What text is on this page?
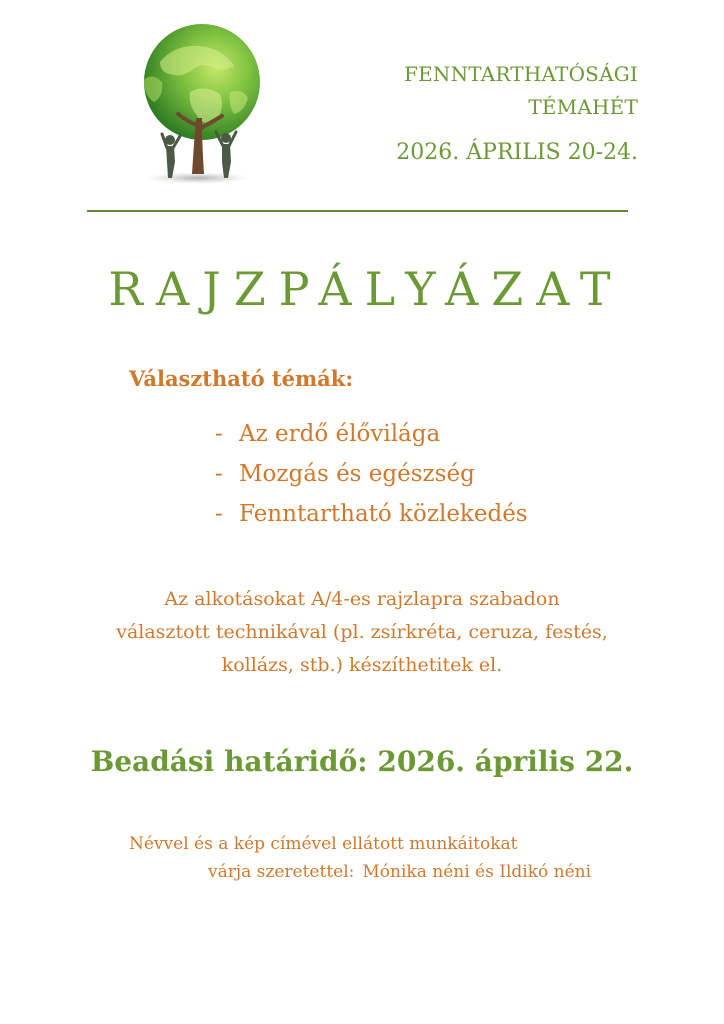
FENNTARTHATÓSÁGI
TÉMAHÉT
2026. ÁPRILIS 20-24.
RAJZPÁLYÁZAT
Választható témák:
- Az erdő élővilága
- Mozgás és egészség
- Fenntartható közlekedés
Az alkotásokat A/4-es rajzlapra szabadon
választott technikával (pl. zsírkréta, ceruza, festés,
kollázs, stb.) készíthetitek el.
Beadási határidő: 2026. április 22.
Névvel és a kép címével ellátott munkáitokat
várja szeretettel: Mónika néni és Ildikó néni
